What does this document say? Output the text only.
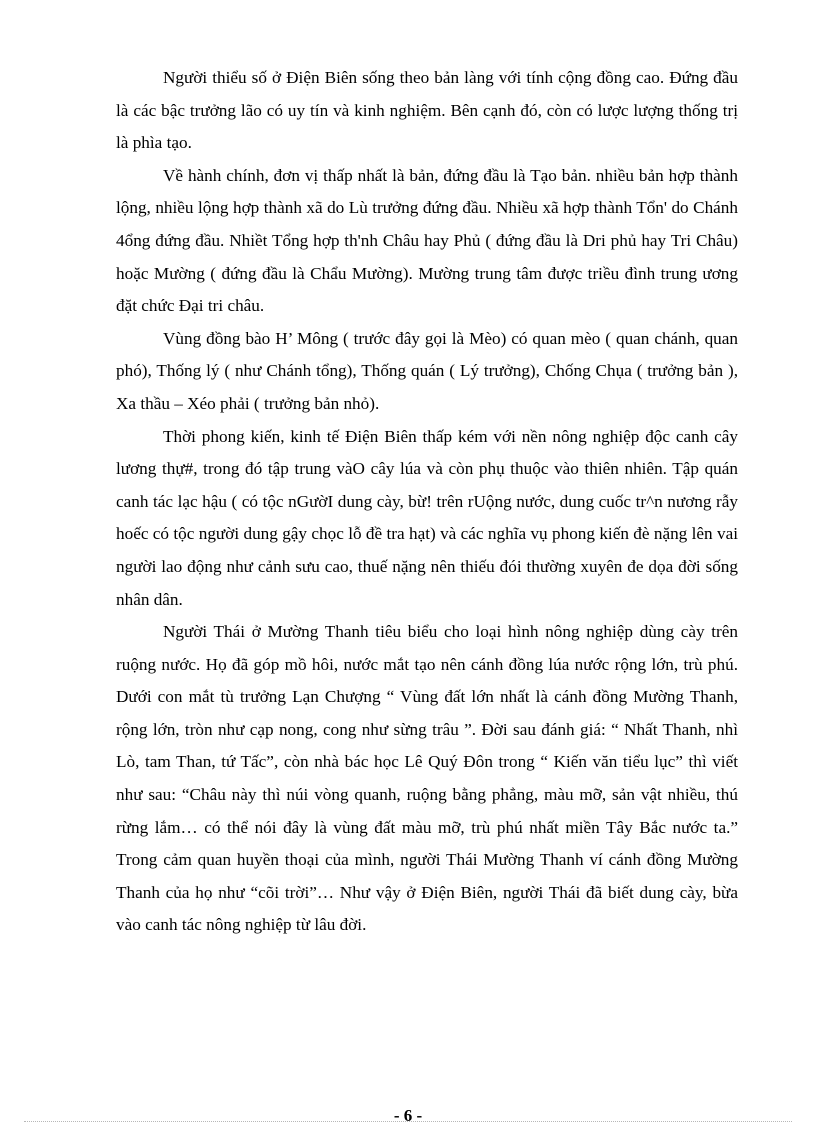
Người thiểu số ở Điện Biên sống theo bản làng với tính cộng đồng cao. Đứng đầu là các bậc trưởng lão có uy tín và kinh nghiệm. Bên cạnh đó, còn có lược lượng thống trị là phìa tạo.

Về hành chính, đơn vị thấp nhất là bản, đứng đầu là Tạo bản. nhiều bản hợp thành lộng, nhiều lộng hợp thành xã do Lù trưởng đứng đầu. Nhiều xã hợp thành Tổn' do Chánh 4ổng đứng đầu. Nhiềt Tổng hợp th'nh Châu hay Phủ ( đứng đầu là Dri phủ hay Tri Châu) hoặc Mường ( đứng đầu là Chẩu Mường). Mường trung tâm được triều đình trung ương đặt chức Đại tri châu.

Vùng đồng bào H’ Mông ( trước đây gọi là Mèo) có quan mèo ( quan chánh, quan phó), Thống lý ( như Chánh tổng), Thống quán ( Lý trưởng), Chống Chụa ( trưởng bản ), Xa thầu – Xéo phải ( trưởng bản nhỏ).

Thời phong kiến, kinh tế Điện Biên thấp kém với nền nông nghiệp độc canh cây lương thự#, trong đó tập trung vàO cây lúa và còn phụ thuộc vào thiên nhiên. Tập quán canh tác lạc hậu ( có tộc nGườI dung cày, bừ! trên rUộng nước, dung cuốc tr^n nương rẫy hoếc có tộc người dung gậy chọc lỗ đề tra hạt) và các nghĩa vụ phong kiến đè nặng lên vai người lao động như cảnh sưu cao, thuế nặng nên thiếu đói thường xuyên đe dọa đời sống nhân dân.

Người Thái ở Mường Thanh tiêu biểu cho loại hình nông nghiệp dùng cày trên ruộng nước. Họ đã góp mồ hôi, nước mắt tạo nên cánh đồng lúa nước rộng lớn, trù phú. Dưới con mắt tù trưởng Lạn Chượng “ Vùng đất lớn nhất là cánh đồng Mường Thanh, rộng lớn, tròn như cạp nong, cong như sừng trâu ”. Đời sau đánh giá: “ Nhất Thanh, nhì Lò, tam Than, tứ Tấc”, còn nhà bác học Lê Quý Đôn trong “ Kiến văn tiểu lục” thì viết như sau: “Châu này thì núi vòng quanh, ruộng bằng phẳng, màu mỡ, sản vật nhiều, thú rừng lắm… có thể nói đây là vùng đất màu mỡ, trù phú nhất miền Tây Bắc nước ta.” Trong cảm quan huyền thoại của mình, người Thái Mường Thanh ví cánh đồng Mường Thanh của họ như “cõi trời”… Như vậy ở Điện Biên, người Thái đã biết dung cày, bừa vào canh tác nông nghiệp từ lâu đời.

- 6 -
